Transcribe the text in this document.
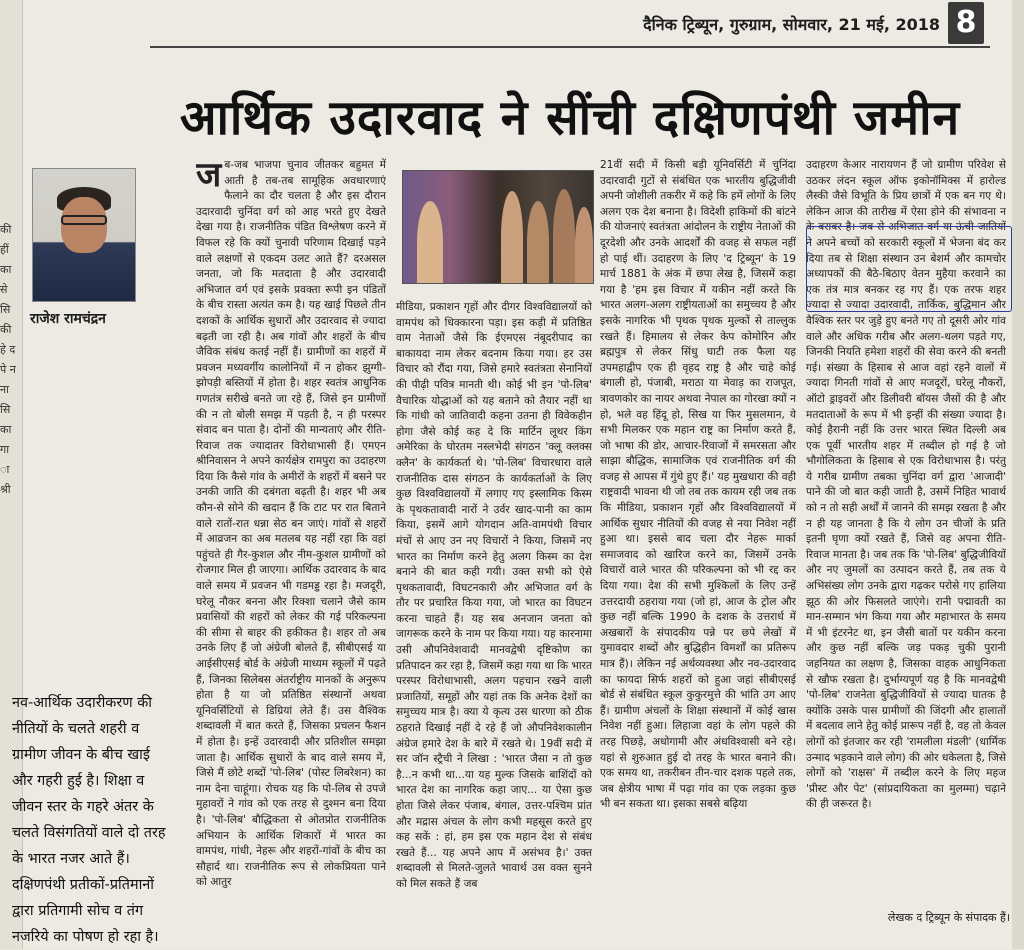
की हीं का से सि की हे द पे न ना सि का गा ा श्री
दैनिक ट्रिब्यून, गुरुग्राम, सोमवार, 21 मई, 2018 8
आर्थिक उदारवाद ने सींची दक्षिणपंथी जमीन
राजेश रामचंद्रन
नव-आर्थिक उदारीकरण की नीतियों के चलते शहरी व ग्रामीण जीवन के बीच खाई और गहरी हुई है। शिक्षा व जीवन स्तर के गहरे अंतर के चलते विसंगतियों वाले दो तरह के भारत नजर आते हैं। दक्षिणपंथी प्रतीकों-प्रतिमानों द्वारा प्रतिगामी सोच व तंग नजरिये का पोषण हो रहा है।
ज ब-जब भाजपा चुनाव जीतकर बहुमत में आती है तब-तब सामूहिक अवधारणाएं फैलाने का दौर चलता है और इस दौरान उदारवादी चुनिंदा वर्ग को आह भरते हुए देखते देखा गया है। राजनीतिक पंडित विश्लेषण करने में विफल रहे कि क्यों चुनावी परिणाम दिखाई पड़ने वाले लक्षणों से एकदम उलट आते हैं? दरअसल जनता, जो कि मतदाता है और उदारवादी अभिजात वर्ग एवं इसके प्रवक्ता रूपी इन पंडितों के बीच रास्ता अत्यंत कम है। यह खाई पिछले तीन दशकों के आर्थिक सुधारों और उदारवाद से ज्यादा बढ़ती जा रही है। अब गांवों और शहरों के बीच जैविक संबंध कतई नहीं हैं। ग्रामीणों का शहरों में प्रवजन मध्यवर्गीय कालोनियों में न होकर झुग्गी-झोपड़ी बस्तियों में होता है। शहर स्वतंत्र आधुनिक गणतंत्र सरीखे बनते जा रहे हैं, जिसे इन ग्रामीणों की न तो बोली समझ में पड़ती है, न ही परस्पर संवाद बन पाता है। दोनों की मान्यताएं और रीति-रिवाज तक ज्यादातर विरोधाभासी हैं। एमएन श्रीनिवासन ने अपने कार्यक्षेत्र रामपुरा का उदाहरण दिया कि कैसे गांव के अमीरों के शहरों में बसने पर उनकी जाति की दबंगता बढ़ती है। शहर भी अब कौन-से सोने की खदान हैं कि टाट पर रात बिताने वाले रातों-रात धन्ना सेठ बन जाएं। गांवों से शहरों में आव्रजन का अब मतलब यह नहीं रहा कि वहां पहुंचते ही गैर-कुशल और नीम-कुशल ग्रामीणों को रोजगार मिल ही जाएगा। आर्थिक उदारवाद के बाद वाले समय में प्रवजन भी गडमड्ड रहा है। मजदूरी, घरेलू नौकर बनना और रिक्शा चलाने जैसे काम प्रवासियों की शहरों को लेकर की गई परिकल्पना की सीमा से बाहर की हकीकत है। शहर तो अब उनके लिए हैं जो अंग्रेजी बोलते हैं, सीबीएसई या आईसीएसई बोर्ड के अंग्रेजी माध्यम स्कूलों में पढ़ते हैं, जिनका सिलेबस अंतर्राष्ट्रीय मानकों के अनुरूप होता है या जो प्रतिष्ठित संस्थानों अथवा यूनिवर्सिटियों से डिग्रियां लेते हैं। उस वैश्विक शब्दावली में बात करते हैं, जिसका प्रचलन फैशन में होता है। इन्हें उदारवादी और प्रतिशील समझा जाता है। आर्थिक सुधारों के बाद वाले समय में, जिसे मैं छोटे शब्दों 'पो-लिब' (पोस्ट लिबरेशन) का नाम देना चाहूंगा। रोचक यह कि पो-लिब से उपजे मुहावरों ने गांव को एक तरह से दुश्मन बना दिया है। 'पो-लिब' बौद्धिकता से ओतप्रोत राजनीतिक अभियान के आर्थिक शिकारों में भारत का वामपंथ, गांधी, नेहरू और शहरों-गांवों के बीच का सौहार्द था। राजनीतिक रूप से लोकप्रियता पाने को आतुर
मीडिया, प्रकाशन गृहों और दीगर विश्वविद्यालयों को वामपंथ को धिक्कारना पड़ा। इस कड़ी में प्रतिष्ठित वाम नेताओं जैसे कि ईएमएस नंबूदरीपाद का बाकायदा नाम लेकर बदनाम किया गया। हर उस विचार को रौंदा गया, जिसे हमारे स्वतंत्रता सेनानियों की पीढ़ी पवित्र मानती थी। कोई भी इन 'पो-लिब' वैचारिक योद्धाओं को यह बताने को तैयार नहीं था कि गांधी को जातिवादी कहना उतना ही विवेकहीन होगा जैसे कोई कह दे कि मार्टिन लूथर किंग अमेरिका के घोरतम नस्लभेदी संगठन 'क्लू क्लक्स क्लैन' के कार्यकर्ता थे। 'पो-लिब' विचारधारा वाले राजनीतिक दास संगठन के कार्यकर्ताओं के लिए कुछ विश्वविद्यालयों में लगाए गए इस्लामिक किस्म के पृथकतावादी नारों ने उर्वर खाद-पानी का काम किया, इसमें आगे योगदान अति-वामपंथी विचार मंचों से आए उन नए विचारों ने किया, जिसमें नए भारत का निर्माण करने हेतु अलग किस्म का देश बनाने की बात कही गयी। उक्त सभी को ऐसे पृथकतावादी, विघटनकारी और अभिजात वर्ग के तौर पर प्रचारित किया गया, जो भारत का विघटन करना चाहते हैं। यह सब अनजान जनता को जागरूक करने के नाम पर किया गया। यह कारनामा उसी औपनिवेशवादी मानवद्वेषी दृष्टिकोण का प्रतिपादन कर रहा है, जिसमें कहा गया था कि भारत परस्पर विरोधाभासी, अलग पहचान रखने वाली प्रजातियों, समूहों और यहां तक कि अनेक देशों का समुच्चय मात्र है। क्या ये कृत्य उस धारणा को ठीक ठहराते दिखाई नहीं दे रहे हैं जो औपनिवेशकालीन अंग्रेज हमारे देश के बारे में रखते थे। 19वीं सदी में सर जॉन स्ट्रैची ने लिखा : 'भारत जैसा न तो कुछ है...न कभी था...या यह मुल्क जिसके बाशिंदों को भारत देश का नागरिक कहा जाए... या ऐसा कुछ होता जिसे लेकर पंजाब, बंगाल, उत्तर-पश्चिम प्रांत और मद्रास अंचल के लोग कभी महसूस करते हुए कह सकें : हां, हम इस एक महान देश से संबंध रखते हैं... यह अपने आप में असंभव है।' उक्त शब्दावली से मिलते-जुलते भावार्थ उस वक्त सुनने को मिल सकते हैं जब
21वीं सदी में किसी बड़ी यूनिवर्सिटी में चुनिंदा उदारवादी गुटों से संबंधित एक भारतीय बुद्धिजीवी अपनी जोशीली तकरीर में कहे कि हमें लोगों के लिए अलग एक देश बनाना है। विदेशी हाकिमों की बांटने की योजनाएं स्वतंत्रता आंदोलन के राष्ट्रीय नेताओं की दूरदेशी और उनके आदर्शों की वजह से सफल नहीं हो पाई थीं। उदाहरण के लिए 'द ट्रिब्यून' के 19 मार्च 1881 के अंक में छपा लेख है, जिसमें कहा गया है 'हम इस विचार में यकीन नहीं करते कि भारत अलग-अलग राष्ट्रीयताओं का समुच्चय है और इसके नागरिक भी पृथक पृथक मुल्कों से ताल्लुक रखते हैं। हिमालय से लेकर केप कोमोरिन और ब्रह्मपुत्र से लेकर सिंधु घाटी तक फैला यह उपमहाद्वीप एक ही वृहद राष्ट्र है और चाहे कोई बंगाली हो, पंजाबी, मराठा या मेवाड़ का राजपूत, त्रावणकोर का नायर अथवा नेपाल का गोरखा क्यों न हो, भले वह हिंदू हो, सिख या फिर मुसलमान, ये सभी मिलकर एक महान राष्ट्र का निर्माण करते हैं, जो भाषा की डोर, आचार-रिवाजों में समरसता और साझा बौद्धिक, सामाजिक एवं राजनीतिक वर्ग की वजह से आपस में गुंथे हुए हैं।' यह मुखधारा की वही राष्ट्रवादी भावना थी जो तब तक कायम रही जब तक कि मीडिया, प्रकाशन गृहों और विश्वविद्यालयों में आर्थिक सुधार नीतियों की वजह से नया निवेश नहीं हुआ था। इससे बाद चला दौर नेहरू मार्का समाजवाद को खारिज करने का, जिसमें उनके विचारों वाले भारत की परिकल्पना को भी रद्द कर दिया गया। देश की सभी मुश्किलों के लिए उन्हें उत्तरदायी ठहराया गया (जो हां, आज के ट्रोल और कुछ नहीं बल्कि 1990 के दशक के उत्तरार्ध में अखबारों के संपादकीय पन्ने पर छपे लेखों में युमावदार शब्दों और बुद्धिहीन विमर्शों का प्रतिरूप मात्र हैं)। लेकिन नई अर्थव्यवस्था और नव-उदारवाद का फायदा सिर्फ शहरों को हुआ जहां सीबीएसई बोर्ड से संबंधित स्कूल कुकुरमुत्ते की भांति उग आए हैं। ग्रामीण अंचलों के शिक्षा संस्थानों में कोई खास निवेश नहीं हुआ। लिहाजा वहां के लोग पहले की तरह पिछड़े, अधोगामी और अंधविश्वासी बने रहे। यहां से शुरुआत हुई दो तरह के भारत बनाने की। एक समय था, तकरीबन तीन-चार दशक पहले तक, जब क्षेत्रीय भाषा में पढ़ा गांव का एक लड़का कुछ भी बन सकता था। इसका सबसे बढ़िया
उदाहरण केआर नारायणन हैं जो ग्रामीण परिवेश से उठकर लंदन स्कूल ऑफ इकोनॉमिक्स में हारोल्ड लैस्की जैसे विभूति के प्रिय छात्रों में एक बन गए थे। लेकिन आज की तारीख में ऐसा होने की संभावना न के बराबर है। जब से अभिजात वर्ग या ऊंची जातियों ने अपने बच्चों को सरकारी स्कूलों में भेजना बंद कर दिया तब से शिक्षा संस्थान उन बेशर्म और कामचोर अध्यापकों की बैठे-बिठाए वेतन मुहैया करवाने का एक तंत्र मात्र बनकर रह गए हैं। एक तरफ शहर ज्यादा से ज्यादा उदारवादी, तार्किक, बुद्धिमान और वैश्विक स्तर पर जुड़े हुए बनते गए तो दूसरी ओर गांव वाले और अधिक गरीब और अलग-थलग पड़ते गए, जिनकी नियति हमेशा शहरों की सेवा करने की बनती गई। संख्या के हिसाब से आज वहां रहने वालों में ज्यादा गिनती गांवों से आए मजदूरों, घरेलू नौकरों, ऑटो ड्राइवरों और डिलीवरी बॉयस जैसों की है और मतदाताओं के रूप में भी इन्हीं की संख्या ज्यादा है। कोई हैरानी नहीं कि उत्तर भारत स्थित दिल्ली अब एक पूर्वी भारतीय शहर में तब्दील हो गई है जो भौगोलिकता के हिसाब से एक विरोधाभास है। परंतु ये गरीब ग्रामीण तबका चुनिंदा वर्ग द्वारा 'आजादी' पाने की जो बात कही जाती है, उसमें निहित भावार्थ को न तो सही अर्थों में जानने की समझ रखता है और न ही यह जानता है कि ये लोग उन चीजों के प्रति इतनी घृणा क्यों रखते हैं, जिसे वह अपना रीति-रिवाज मानता है। जब तक कि 'पो-लिब' बुद्धिजीवियों और नए जुमलों का उत्पादन करते हैं, तब तक ये अभिसंख्य लोग उनके द्वारा गढ़कर परोसे गए हालिया झूठ की ओर फिसलते जाएंगे। रानी पद्मावती का मान-सम्मान भंग किया गया और महाभारत के समय में भी इंटरनेट था, इन जैसी बातों पर यकीन करना और कुछ नहीं बल्कि जड़ पकड़ चुकी पुरानी जहनियत का लक्षण है, जिसका वाहक आधुनिकता से खौफ रखता है। दुर्भाग्यपूर्ण यह है कि मानवद्वेषी 'पो-लिब' राजनेता बुद्धिजीवियों से ज्यादा घातक है क्योंकि उसके पास ग्रामीणों की जिंदगी और हालातों में बदलाव लाने हेतु कोई प्रारूप नहीं है, वह तो केवल लोगों को इंतजार कर रही 'रामलीला मंडली' (धार्मिक उन्माद भड़काने वाले लोग) की ओर धकेलता है, जिसे लोगों को 'राक्षस' में तब्दील करने के लिए महज 'प्रीस्ट और पेट' (सांप्रदायिकता का मुलम्मा) चढ़ाने की ही जरूरत है।
लेखक द ट्रिब्यून के संपादक हैं।
